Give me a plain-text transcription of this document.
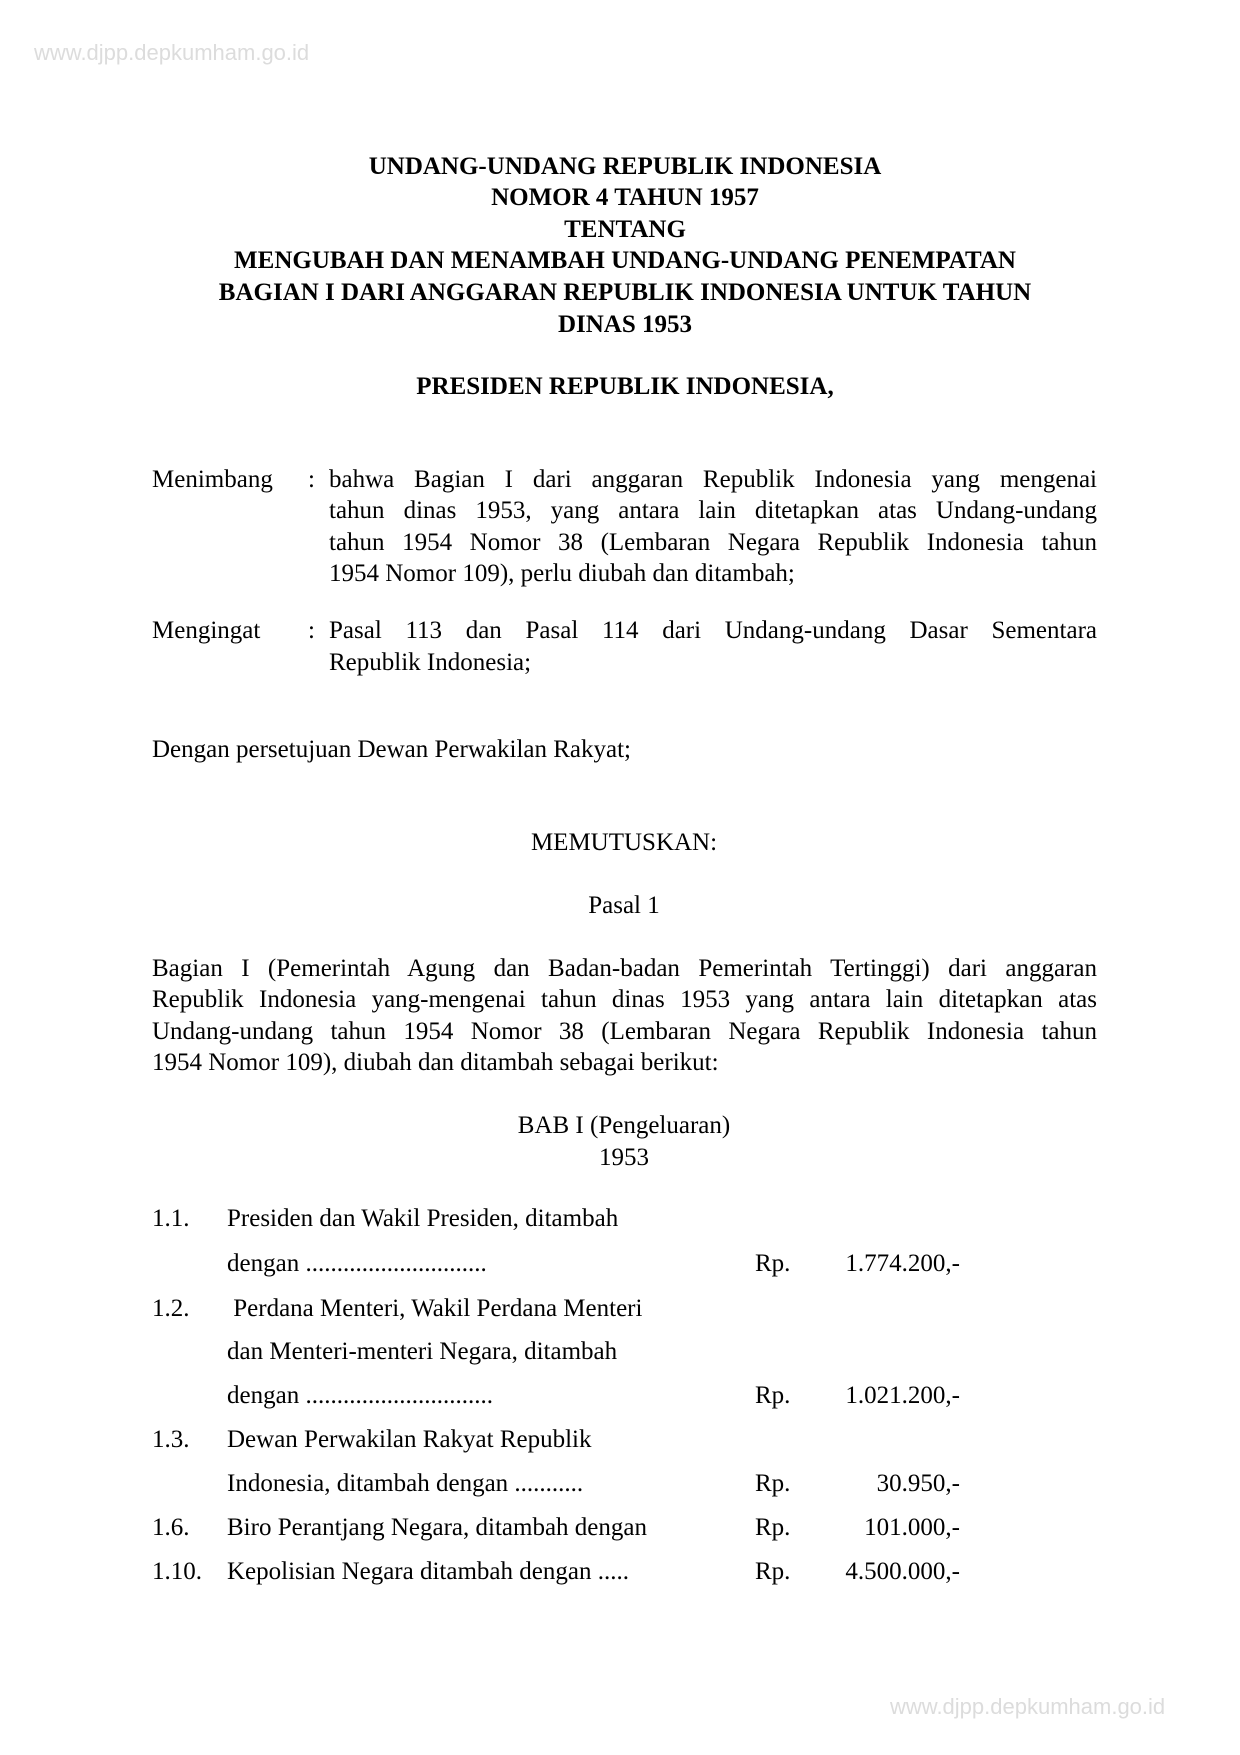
www.djpp.depkumham.go.id
UNDANG-UNDANG REPUBLIK INDONESIA
NOMOR 4 TAHUN 1957
TENTANG
MENGUBAH DAN MENAMBAH UNDANG-UNDANG PENEMPATAN
BAGIAN I DARI ANGGARAN REPUBLIK INDONESIA UNTUK TAHUN
DINAS 1953
PRESIDEN REPUBLIK INDONESIA,
Menimbang : bahwa Bagian I dari anggaran Republik Indonesia yang mengenai
tahun dinas 1953, yang antara lain ditetapkan atas Undang-undang
tahun 1954 Nomor 38 (Lembaran Negara Republik Indonesia tahun
1954 Nomor 109), perlu diubah dan ditambah;
Mengingat : Pasal 113 dan Pasal 114 dari Undang-undang Dasar Sementara
Republik Indonesia;
Dengan persetujuan Dewan Perwakilan Rakyat;
MEMUTUSKAN:
Pasal 1
Bagian I (Pemerintah Agung dan Badan-badan Pemerintah Tertinggi) dari anggaran
Republik Indonesia yang-mengenai tahun dinas 1953 yang antara lain ditetapkan atas
Undang-undang tahun 1954 Nomor 38 (Lembaran Negara Republik Indonesia tahun
1954 Nomor 109), diubah dan ditambah sebagai berikut:
BAB I (Pengeluaran)
1953
1.1. Presiden dan Wakil Presiden, ditambah
dengan .............................	Rp.	1.774.200,-
1.2. Perdana Menteri, Wakil Perdana Menteri
dan Menteri-menteri Negara, ditambah
dengan ..............................	Rp.	1.021.200,-
1.3. Dewan Perwakilan Rakyat Republik
Indonesia, ditambah dengan ...........	Rp.	30.950,-
1.6. Biro Perantjang Negara, ditambah dengan	Rp.	101.000,-
1.10. Kepolisian Negara ditambah dengan .....	Rp.	4.500.000,-
www.djpp.depkumham.go.id
